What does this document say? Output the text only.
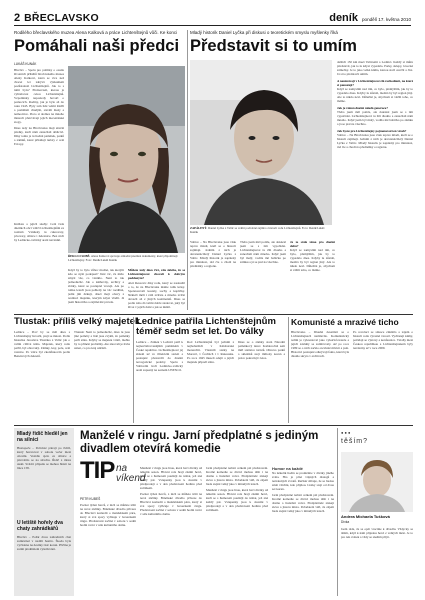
2 BŘECLAVSKO	deník pondělí 17. května 2010
Rodilého břeclavského muzea Alena Kalková a práce Lichtenštejnů vůči. Ke konci
Pomáhali naši předci
LUKÁŠ KUNÁK

Břeclav – Spolu pro publiky o osudu životních příběhů břeclavského muzea Aleny Kalkové, která se více než dvacet let zabývá výzkumem pozůstalosti Lichtenštejnů. Jak to s nimi bylo? Předsevzetí, kterou je vyhrabovat celou Lichtenštejnů. Vzpomínky naposledy hovoří o pomocích. Rodiny, jak je bylo až do roku 1945. Byly tam lidé velmi štědří a pomáhali chudým, stavěli školy a nemocnice. Proto si dodnes na mnoho místech přetrvávají jejich mecenášské stopy.

Dnes tedy na Břeclavsku mají skvělé předky, kteří nám zanechali dědictví. Díky tomu je tu hodně památek, parků a zámků, které přitahují turisty z celé Evropy.

Knížata a jejich snahy: Celá řada dnešních obcí vděčí Lichtenštejnům za rozkvět. Vznikaly tu cukrovary, pivovary, silnice i železnice. Bez nich by Lednicko-valtický areál nevznikl.

ŘEKLI O SOBĚ. Alena Kalková spravuje armadní písemné dokumenty, které připomínají Lichtenštejny. Foto: Deník/Lukáš Kunák

Když by to bylo vůbec možné, tak kterým kdo se nyní podepsal? Jistě víc, že mělo smysl vše, co vzniklo. Není to tak jednoduché. Jde o knihovny, archivy a sbírky, které se postupně vracejí. Ale po tolika letech jsou pohledy na věc rozdílné, jedni jim děkují, druzí mají obavy z restitucí majetku, kterým kdysi vládli. Já jsem historička a zajímá mě pravda.

Můžete tedy dnes říct, zda skleba, že se Lichtenštejnové chovali k dobrým poddaným?

Aleš Ressová: díky rodu, který se zasloužil o to, že na Břeclavsku máme tolik krásy. Sponzorovali kostely, sochy a kapličky. Někteří měli i rádi zvířata a mnoho zvířat dovezli až z jiných kontinentů. Dnes se podle toho dá velmi dobře sledovat, jaký byl život v jejich době a jak se měnil.

Mladý historik Daniel Lyčka při diskusi o teoretickém smyslu myšlenky říká
Představit si to umím
ZAPÁLENÝ. Daniel Lyčka z Valtic se velmi podrobně zajímá o historii rodu Lichtenštejnů. Foto: Deník/Lukáš Kunák

Valtice – Na Břeclavsku jsou však teprve mladí, kteří se o historii zajímají. Jedním z nich je devatenáctiletý Daniel Lyčka z Valtic. Mladý historik je zapálený pro minulost, rád čte a chodí na přednášky o regionu.

Třeba jsem měl potíže, ale dokázal jsem se s tím vypořádat. Lichtenštejnové tu žili dlouho a zanechali nám mnoho. Když jsem byl malý, vodila mě babička po zámku a já se ptal na všechno.

Je to stále téma pro dnešní dobu?

Když se zamyslím nad tím, co bylo, přemýšlím, jak by to vypadalo dnes. Kdyby tu zůstali, možná by byl region jiný. Ale to nikdo neví. Důležité je, abychom si vážili toho, co máme.

dalších 150 km mezi Valticemi a Lednicí. Každý si může představit, jak to tu kdysi vypadalo. Parky, sklepy, lovecké zámečky. Je to jako velká kniha, kterou stačí otevřít a číst. Já si to představit umím.

A neuznávají v Lichtenštejnové zlá rozhodnutí, na které si pamatují?

Když se zamyslím nad tím, co bylo, přemýšlím, jak by to vypadalo dnes. Kdyby tu zůstali, možná by byl region jiný. Ale to nikdo neví. Důležité je, abychom si vážili toho, co máme.

Jak je vnímá dnešní mladá generace?

Třeba jsem měl potíže, ale dokázal jsem se s tím vypořádat. Lichtenštejnové tu žili dlouho a zanechali nám mnoho. Když jsem byl malý, vodila mě babička po zámku a já se ptal na všechno.

Jak byste pro Lichtenštejny pojmenoval ten vztah?

Valtice – Na Břeclavsku jsou však teprve mladí, kteří se o historii zajímají. Jedním z nich je devatenáctiletý Daniel Lyčka z Valtic. Mladý historik je zapálený pro minulost, rád čte a chodí na přednášky o regionu.

Tlustak: příliš velký majetek

Lednice – Proč by se měl dnes s Lichtenštejny hovořit, ptají se mnozí. Podle historika Jaroslava Tlustáka z Valtic jde o velmi citlivé téma. Majetek, který rodu patřil, byl obrovský. Zámky, lesy, pole, celé vesnice. Po válce byl zkonfiskován podle Benešových dekretů.

Tlustak: Není to jednoduché, dnes tu jsou jiné poměry a lidé jsou zvyklí, že památky patří státu. Kdyby se majetek vrátil, mohlo by to přinést problémy. Ale zároveň je třeba uznat, co pro kraj udělali.

Lednice patřila Lichtenštejnům téměř sedm set let. Do války

Lednice – Zámek v Lednici patří k nejnavštěvovanějším památkám v České republice. Lichtenštejnové jej získali už ve třináctém století a postupně přestavěli do dnešní novogotické podoby. Spolu s Valticemi tvoří Lednicko-valtický areál zapsaný na seznam UNESCO.

Rod Lichtenštejnů byl jedním z nejbohatších v habsburské monarchii. Vlastnili statky na Moravě, v Čechách i v Rakousku. Po roce 1945 museli odejít a jejich majetek připadl státu.

Dnes se o zámky stará Národní památkový ústav. Každoročně sem míří statisíce turistů. Obnova parků a skleníků stojí miliony korun a práce pokračují i letos.

Komunisté a mrazivé ticho

Břeclavsko – Dlouhá desetiletí se o Lichtenštejnech nemluvilo. Komunistický režim je vykresloval jako vykořisťovatele a jejich zásluhy se zamlčovaly. Až po roce 1989 se o nich začalo otevřeně mluvit a psát. Historici postupně odkrývají fakta, která byla dlouho skryta v archivech.

Po revoluci se situace změnila a zájem o historii rodu výrazně vzrostl. Vycházejí knihy, pořádají se výstavy a konference. Vztahy mezi Českou republikou a Lichtenštejnskem byly navázány až v roce 2009.

Mladý řidič hleděl jen na silnici

Hustopeče – Policisté pátrají po řidiči, který havaroval v sobotu večer mezi obcemi. Vozidlo sjelo ze silnice a převrátilo se na střechu. Řidič z místa utekl. Svědci případu se mohou hlásit na lince 158.

U letiště hořely dva chaty zahrádkářů

Břeclav – Požár dvou zahradních chat zaměstnal v neděli hasiče. Škoda byla vyčíslena na desítky tisíc korun. Příčina je zatím předmětem vyšetřování.

Manželé v ringu. Jarní předplatné s jediným divadlem otevírá komedie
TIP na víkend
PETR KUBEŠ

Poznat týden herců, z nich se můžete těšit na nové zážitky. Brněnské divadlo přiveze do Břeclavi komedii o manželském páru, který si své spory vyřizuje v boxerském ringu. Představení začíná v sobotu v sedm hodin večer v sále kulturního domu.

Manželé v ringu jsou hrou, která baví diváky už několik sezon. Hlavní role hrají známí herci, kteří se s humorem pouštějí do témat, jež zná každý pár. Vstupenky jsou k dostání v předprodeji a v den představení hodinu před začátkem.

Poznat týden herců, z nich se můžete těšit na nové zážitky. Brněnské divadlo přiveze do Břeclavi komedii o manželském páru, který si své spory vyřizuje v boxerském ringu. Představení začíná v sobotu v sedm hodin večer v sále kulturního domu.

Jarní předplatné nabízí celkem pět představení. Kromě komedie se diváci mohou těšit i na drama a hudební večer. Předplatitelé získají slevu a jistotu místa. Pořadatelé věří, že zájem bude stejně velký jako v minulých letech.

Manželé v ringu jsou hrou, která baví diváky už několik sezon. Hlavní role hrají známí herci, kteří se s humorem pouštějí do témat, jež zná každý pár. Vstupenky jsou k dostání v předprodeji a v den představení hodinu před začátkem.

Humor na každé

Na několik hodin se proměníte v diváky jiného světa. Hra je plná vtipných dialogů a nečekaných zvratů. Režisér slibuje, že se budou smát všichni, kdo přijdou. Lístky stojí od dvou set korun.

Jarní předplatné nabízí celkem pět představení. Kromě komedie se diváci mohou těšit i na drama a hudební večer. Předplatitelé získají slevu a jistotu místa. Pořadatelé věří, že zájem bude stejně velký jako v minulých letech.

● ● ●
těším?
Andrea Michaela Tušková
Dívka

Jsem ráda, že se opět vracíme k divadlu. Vždycky se těším, když k nám přijedou herci z velkých měst. Je to pro nás svátek a vždy se snažím přijít.
